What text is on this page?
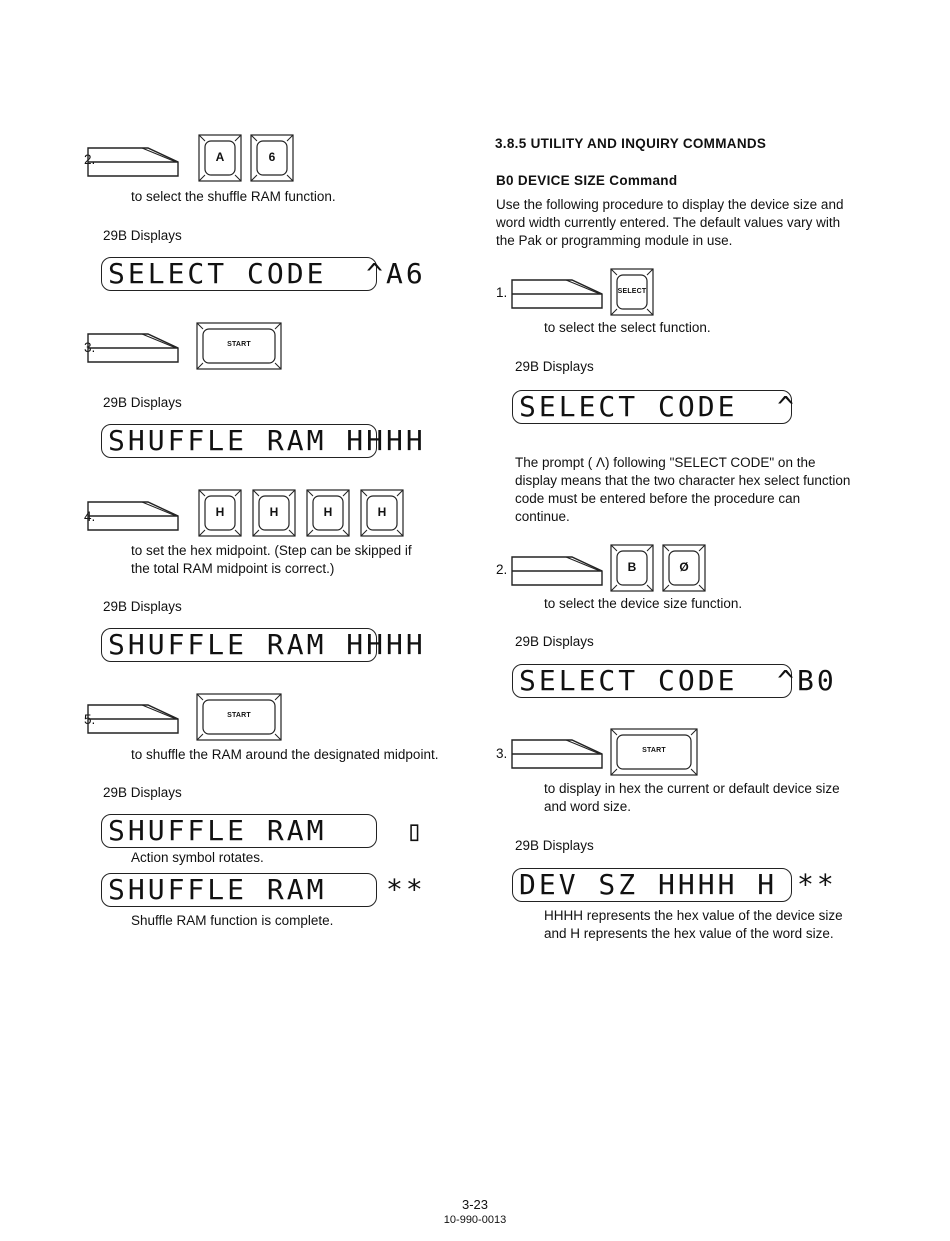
2.	A	6
to select the shuffle RAM function.
29B Displays
SELECT CODE  ^A6
3.	START
29B Displays
SHUFFLE RAM HHHH
4.	H	H	H	H
to set the hex midpoint. (Step can be skipped if
the total RAM midpoint is correct.)
29B Displays
SHUFFLE RAM HHHH
5.	START
to shuffle the RAM around the designated midpoint.
29B Displays
SHUFFLE RAM    ▯
Action symbol rotates.
SHUFFLE RAM   **
Shuffle RAM function is complete.
3.8.5 UTILITY AND INQUIRY COMMANDS
B0 DEVICE SIZE Command
Use the following procedure to display the device size and
word width currently entered. The default values vary with
the Pak or programming module in use.
1.	SELECT
to select the select function.
29B Displays
SELECT CODE  ^
The prompt ( Λ) following "SELECT CODE" on the
display means that the two character hex select function
code must be entered before the procedure can
continue.
2.	B	Ø
to select the device size function.
29B Displays
SELECT CODE  ^B0
3.	START
to display in hex the current or default device size
and word size.
29B Displays
DEV SZ HHHH H **
HHHH represents the hex value of the device size
and H represents the hex value of the word size.
3-23
10-990-0013
